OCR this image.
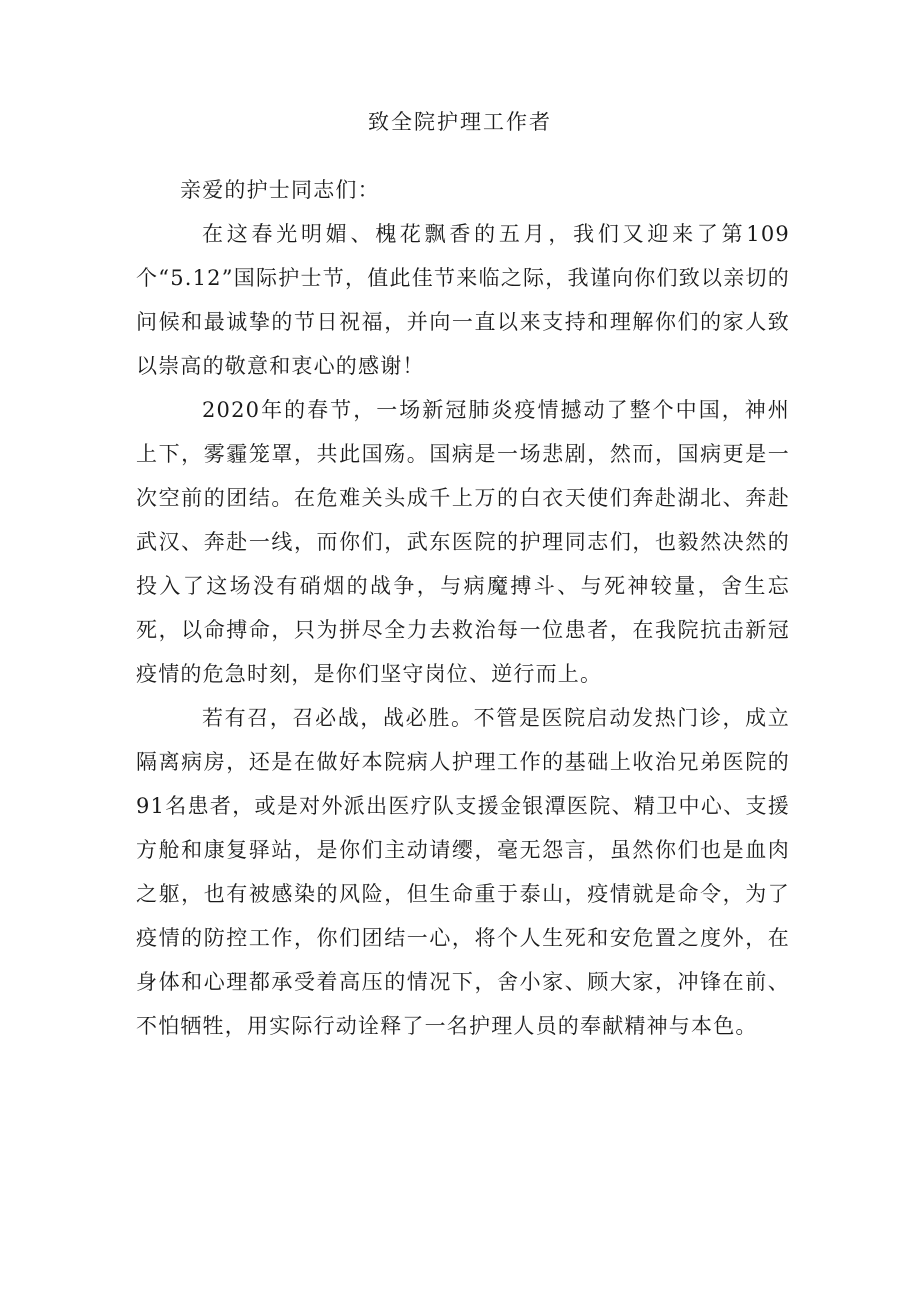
致全院护理工作者

亲爱的护士同志们：

在这春光明媚、槐花飘香的五月，我们又迎来了第109个“5.12”国际护士节，值此佳节来临之际，我谨向你们致以亲切的问候和最诚挚的节日祝福，并向一直以来支持和理解你们的家人致以崇高的敬意和衷心的感谢！

2020年的春节，一场新冠肺炎疫情撼动了整个中国，神州上下，雾霾笼罩，共此国殇。国病是一场悲剧，然而，国病更是一次空前的团结。在危难关头成千上万的白衣天使们奔赴湖北、奔赴武汉、奔赴一线，而你们，武东医院的护理同志们，也毅然决然的投入了这场没有硝烟的战争，与病魔搏斗、与死神较量，舍生忘死，以命搏命，只为拼尽全力去救治每一位患者，在我院抗击新冠疫情的危急时刻，是你们坚守岗位、逆行而上。

若有召，召必战，战必胜。不管是医院启动发热门诊，成立隔离病房，还是在做好本院病人护理工作的基础上收治兄弟医院的91名患者，或是对外派出医疗队支援金银潭医院、精卫中心、支援方舱和康复驿站，是你们主动请缨，毫无怨言，虽然你们也是血肉之躯，也有被感染的风险，但生命重于泰山，疫情就是命令，为了疫情的防控工作，你们团结一心，将个人生死和安危置之度外，在身体和心理都承受着高压的情况下，舍小家、顾大家，冲锋在前、不怕牺牲，用实际行动诠释了一名护理人员的奉献精神与本色。
